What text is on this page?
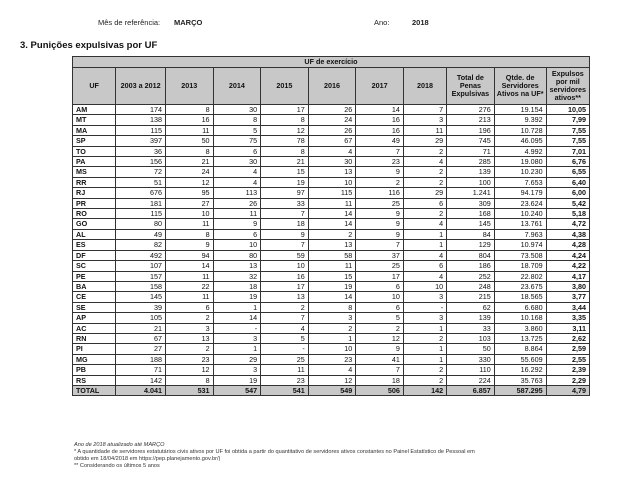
Mês de referência: MARÇO	Ano:	2018
3. Punições expulsivas por UF
UF de exercício										
UF	2003 a 2012	2013	2014	2015	2016	2017	2018	Total de Penas Expulsivas	Qtde. de Servidores Ativos na UF*	Expulsos por mil servidores ativos**
AM	174	8	30	17	26	14	7	276	19.154	10,05
MT	138	16	8	8	24	16	3	213	9.392	7,99
MA	115	11	5	12	26	16	11	196	10.728	7,55
SP	397	50	75	78	67	49	29	745	46.095	7,55
TO	36	8	6	8	4	7	2	71	4.992	7,01
PA	156	21	30	21	30	23	4	285	19.080	6,76
MS	72	24	4	15	13	9	2	139	10.230	6,55
RR	51	12	4	19	10	2	2	100	7.653	6,40
RJ	676	95	113	97	115	116	29	1.241	94.179	6,00
PR	181	27	26	33	11	25	6	309	23.624	5,42
RO	115	10	11	7	14	9	2	168	10.240	5,18
GO	80	11	9	18	14	9	4	145	13.761	4,72
AL	49	8	6	9	2	9	1	84	7.963	4,38
ES	82	9	10	7	13	7	1	129	10.974	4,28
DF	492	94	80	59	58	37	4	804	73.508	4,24
SC	107	14	13	10	11	25	6	186	18.709	4,22
PE	157	11	32	16	15	17	4	252	22.802	4,17
BA	158	22	18	17	19	6	10	248	23.675	3,80
CE	145	11	19	13	14	10	3	215	18.565	3,77
SE	39	6	1	2	8	6	-	62	6.680	3,44
AP	105	2	14	7	3	5	3	139	10.168	3,35
AC	21	3	-	4	2	2	1	33	3.860	3,11
RN	67	13	3	5	1	12	2	103	13.725	2,62
PI	27	2	1	-	10	9	1	50	8.864	2,59
MG	188	23	29	25	23	41	1	330	55.609	2,55
PB	71	12	3	11	4	7	2	110	16.292	2,39
RS	142	8	19	23	12	18	2	224	35.763	2,29
TOTAL	4.041	531	547	541	549	506	142	6.857	587.295	4,79
Ano de 2018 atualizado até MARÇO
* A quantidade de servidores estatutários civis ativos por UF foi obtida a partir do quantitativo de servidores ativos constantes no Painel Estatístico de Pessoal em
obtido em 18/04/2018 em https://pep.planejamento.gov.br/)
** Considerando os últimos 5 anos
